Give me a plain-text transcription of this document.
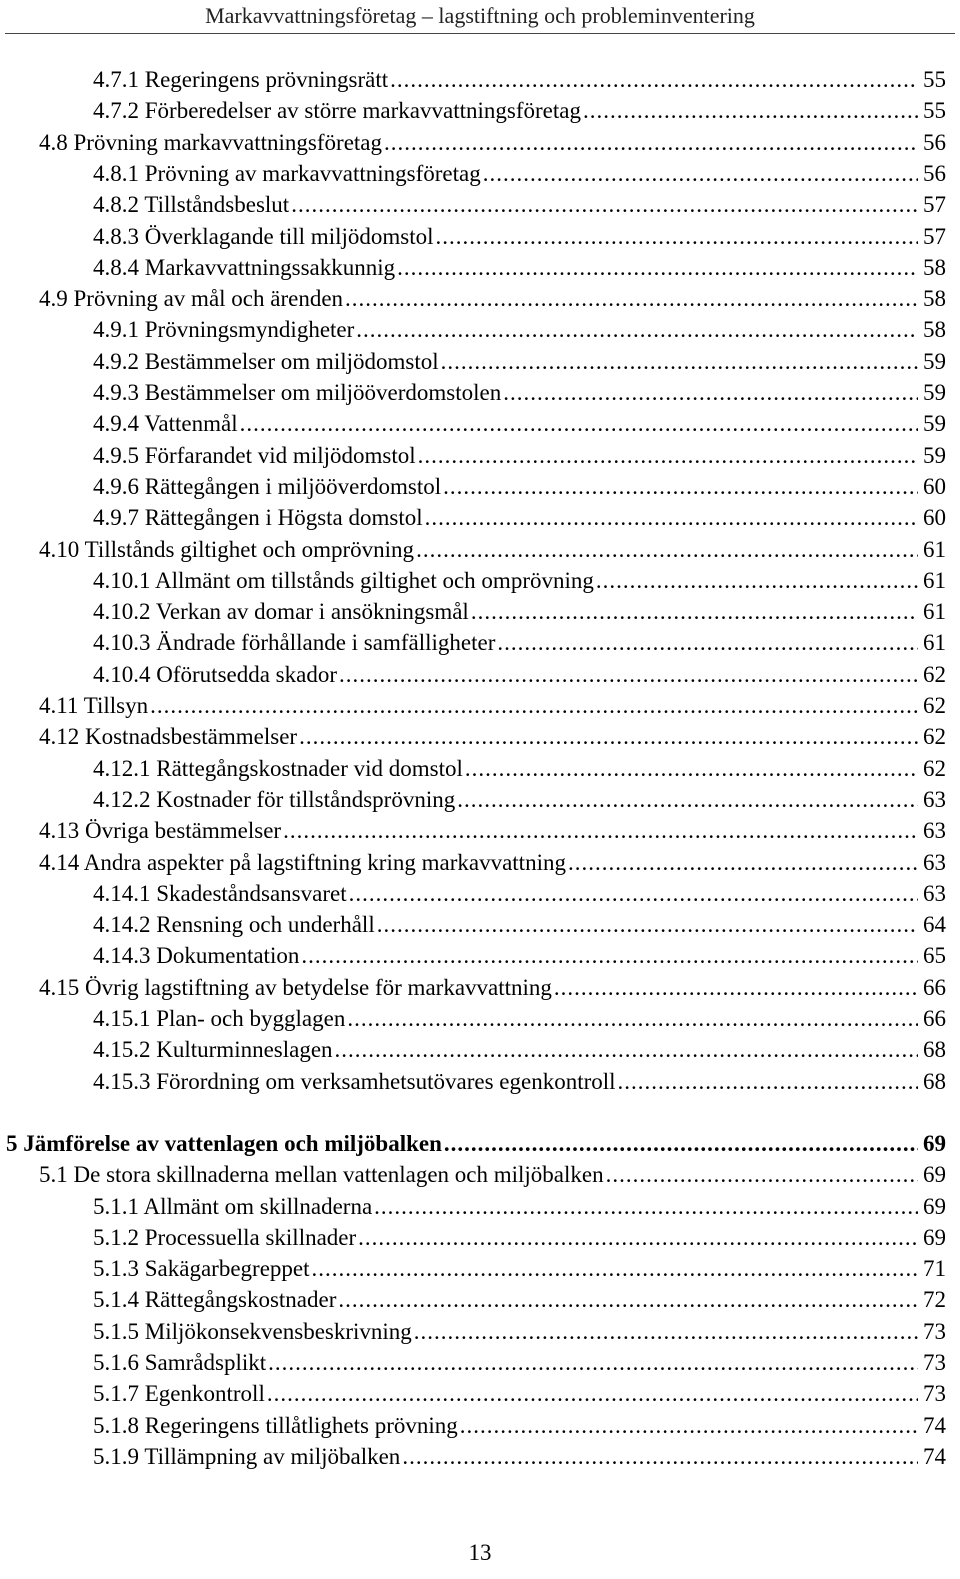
Markavvattningsföretag – lagstiftning och probleminventering
4.7.1 Regeringens prövningsrätt .....	55
4.7.2 Förberedelser av större markavvattningsföretag .....	55
4.8 Prövning markavvattningsföretag .....	56
4.8.1 Prövning av markavvattningsföretag .....	56
4.8.2 Tillståndsbeslut .....	57
4.8.3 Överklagande till miljödomstol .....	57
4.8.4 Markavvattningssakkunnig .....	58
4.9 Prövning av mål och ärenden .....	58
4.9.1 Prövningsmyndigheter .....	58
4.9.2 Bestämmelser om miljödomstol .....	59
4.9.3 Bestämmelser om miljööverdomstolen .....	59
4.9.4 Vattenmål .....	59
4.9.5 Förfarandet vid miljödomstol .....	59
4.9.6 Rättegången i miljööverdomstol .....	60
4.9.7 Rättegången i Högsta domstol .....	60
4.10 Tillstånds giltighet och omprövning .....	61
4.10.1 Allmänt om tillstånds giltighet och omprövning .....	61
4.10.2 Verkan av domar i ansökningsmål .....	61
4.10.3 Ändrade förhållande i samfälligheter .....	61
4.10.4 Oförutsedda skador .....	62
4.11 Tillsyn .....	62
4.12 Kostnadsbestämmelser .....	62
4.12.1 Rättegångskostnader vid domstol .....	62
4.12.2 Kostnader för tillståndsprövning .....	63
4.13 Övriga bestämmelser .....	63
4.14 Andra aspekter på lagstiftning kring markavvattning .....	63
4.14.1 Skadeståndsansvaret .....	63
4.14.2 Rensning och underhåll .....	64
4.14.3 Dokumentation .....	65
4.15 Övrig lagstiftning av betydelse för markavvattning .....	66
4.15.1 Plan- och bygglagen .....	66
4.15.2 Kulturminneslagen .....	68
4.15.3 Förordning om verksamhetsutövares egenkontroll .....	68
5 Jämförelse av vattenlagen och miljöbalken .....	69
5.1 De stora skillnaderna mellan vattenlagen och miljöbalken .....	69
5.1.1 Allmänt om skillnaderna .....	69
5.1.2 Processuella skillnader .....	69
5.1.3 Sakägarbegreppet .....	71
5.1.4 Rättegångskostnader .....	72
5.1.5 Miljökonsekvensbeskrivning .....	73
5.1.6 Samrådsplikt .....	73
5.1.7 Egenkontroll .....	73
5.1.8 Regeringens tillåtlighets prövning .....	74
5.1.9 Tillämpning av miljöbalken .....	74
13
